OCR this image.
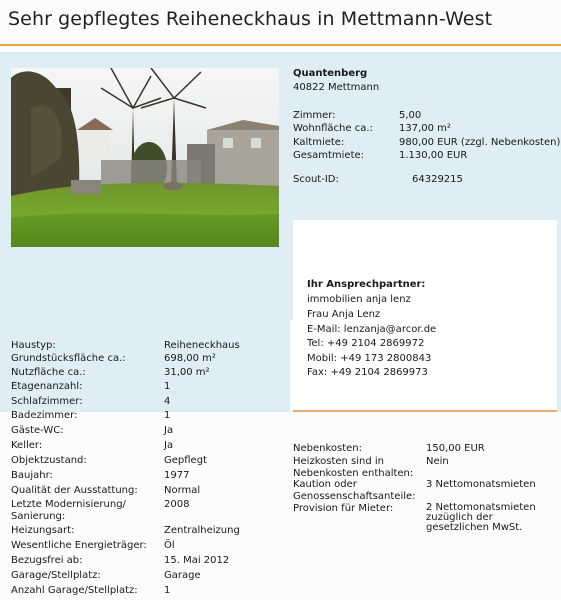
Sehr gepflegtes Reiheneckhaus in Mettmann-West
Quantenberg
40822 Mettmann
Zimmer:	5,00
Wohnfläche ca.:	137,00 m²
Kaltmiete:	980,00 EUR (zzgl. Nebenkosten)
Gesamtmiete:	1.130,00 EUR
Scout-ID:	64329215
Ihr Ansprechpartner:
immobilien anja lenz
Frau Anja Lenz
E-Mail: lenzanja@arcor.de
Tel: +49 2104 2869972
Mobil: +49 173 2800843
Fax: +49 2104 2869973
Haustyp:	Reiheneckhaus
Grundstücksfläche ca.:	698,00 m²
Nutzfläche ca.:	31,00 m²
Etagenanzahl:	1
Schlafzimmer:	4
Badezimmer:	1
Gäste-WC:	Ja
Keller:	Ja
Objektzustand:	Gepflegt
Baujahr:	1977
Qualität der Ausstattung:	Normal
Letzte Modernisierung/ Sanierung:
2008
Heizungsart:	Zentralheizung
Wesentliche Energieträger: Öl
Bezugsfrei ab:	15. Mai 2012
Garage/Stellplatz:	Garage
Anzahl Garage/Stellplatz:	1
Nebenkosten:	150,00 EUR
Heizkosten sind in Nebenkosten enthalten:
Nein
Kaution oder Genossenschaftsanteile:
3 Nettomonatsmieten
Provision für Mieter:	2 Nettomonatsmieten zuzüglich der gesetzlichen MwSt.
